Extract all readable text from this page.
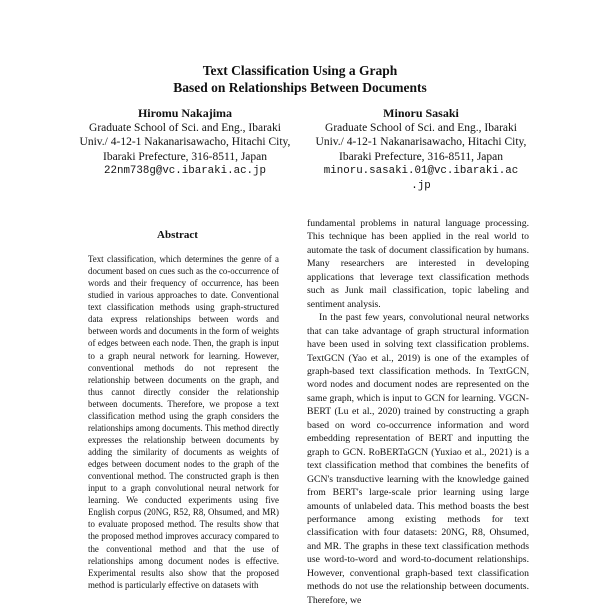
Text Classification Using a Graph
Based on Relationships Between Documents
Hiromu Nakajima
Graduate School of Sci. and Eng., Ibaraki
Univ./ 4-12-1 Nakanarisawacho, Hitachi City,
Ibaraki Prefecture, 316-8511, Japan
22nm738g@vc.ibaraki.ac.jp
Minoru Sasaki
Graduate School of Sci. and Eng., Ibaraki
Univ./ 4-12-1 Nakanarisawacho, Hitachi City,
Ibaraki Prefecture, 316-8511, Japan
minoru.sasaki.01@vc.ibaraki.ac
.jp
Abstract
Text classification, which determines the genre of a document based on cues such as the co-occurrence of words and their frequency of occurrence, has been studied in various approaches to date. Conventional text classification methods using graph-structured data express relationships between words and between words and documents in the form of weights of edges between each node. Then, the graph is input to a graph neural network for learning. However, conventional methods do not represent the relationship between documents on the graph, and thus cannot directly consider the relationship between documents. Therefore, we propose a text classification method using the graph considers the relationships among documents. This method directly expresses the relationship between documents by adding the similarity of documents as weights of edges between document nodes to the graph of the conventional method. The constructed graph is then input to a graph convolutional neural network for learning. We conducted experiments using five English corpus (20NG, R52, R8, Ohsumed, and MR) to evaluate proposed method. The results show that the proposed method improves accuracy compared to the conventional method and that the use of relationships among document nodes is effective. Experimental results also show that the proposed method is particularly effective on datasets with

fundamental problems in natural language processing. This technique has been applied in the real world to automate the task of document classification by humans. Many researchers are interested in developing applications that leverage text classification methods such as Junk mail classification, topic labeling and sentiment analysis.

In the past few years, convolutional neural networks that can take advantage of graph structural information have been used in solving text classification problems. TextGCN (Yao et al., 2019) is one of the examples of graph-based text classification methods. In TextGCN, word nodes and document nodes are represented on the same graph, which is input to GCN for learning. VGCN-BERT (Lu et al., 2020) trained by constructing a graph based on word co-occurrence information and word embedding representation of BERT and inputting the graph to GCN. RoBERTaGCN (Yuxiao et al., 2021) is a text classification method that combines the benefits of GCN's transductive learning with the knowledge gained from BERT's large-scale prior learning using large amounts of unlabeled data. This method boasts the best performance among existing methods for text classification with four datasets: 20NG, R8, Ohsumed, and MR. The graphs in these text classification methods use word-to-word and word-to-document relationships. However, conventional graph-based text classification methods do not use the relationship between documents. Therefore, we
